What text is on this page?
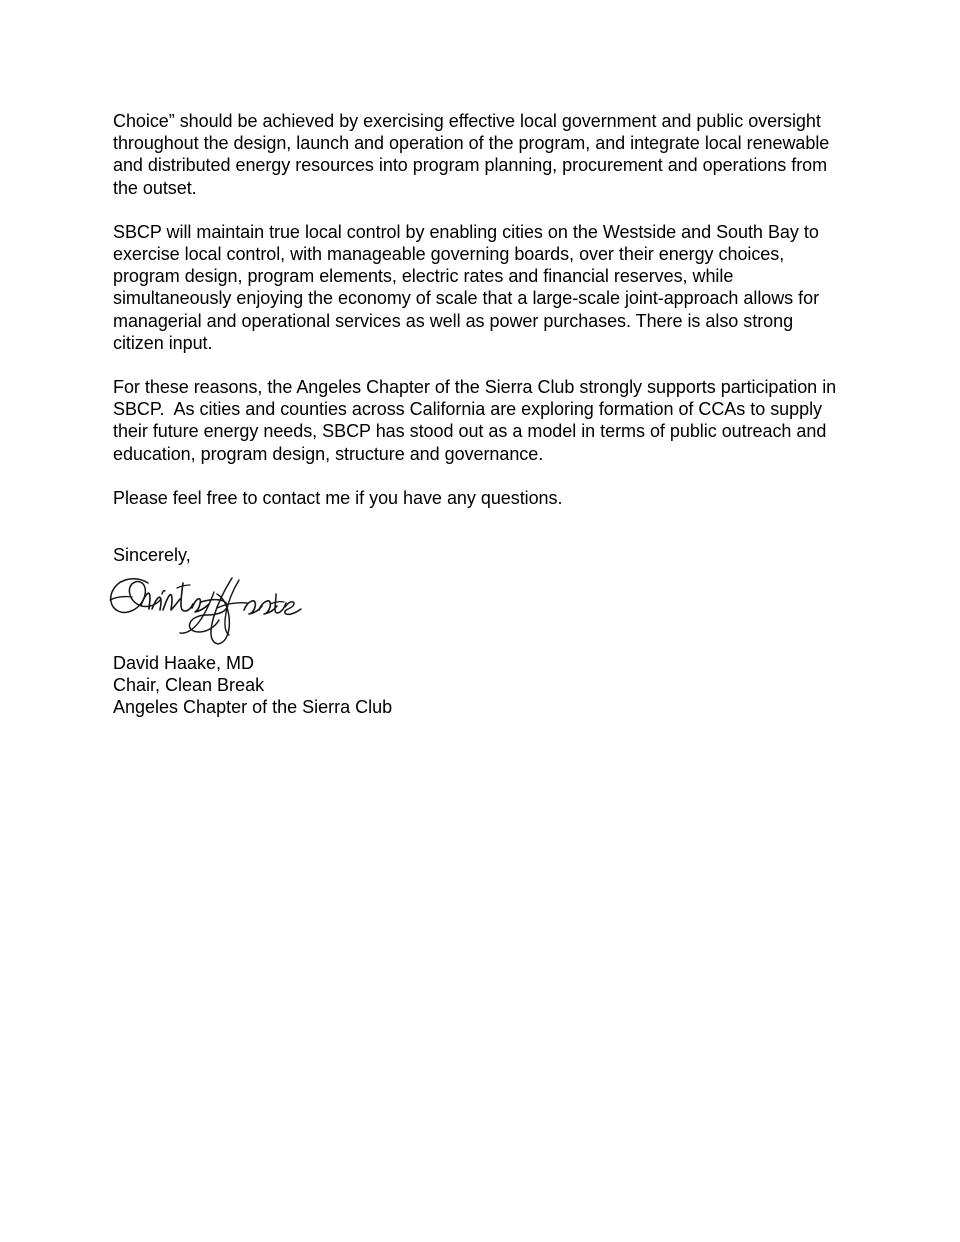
Choice” should be achieved by exercising effective local government and public oversight throughout the design, launch and operation of the program, and integrate local renewable and distributed energy resources into program planning, procurement and operations from the outset.

SBCP will maintain true local control by enabling cities on the Westside and South Bay to exercise local control, with manageable governing boards, over their energy choices, program design, program elements, electric rates and financial reserves, while simultaneously enjoying the economy of scale that a large-scale joint-approach allows for managerial and operational services as well as power purchases. There is also strong citizen input.

For these reasons, the Angeles Chapter of the Sierra Club strongly supports participation in SBCP.  As cities and counties across California are exploring formation of CCAs to supply their future energy needs, SBCP has stood out as a model in terms of public outreach and education, program design, structure and governance.

Please feel free to contact me if you have any questions.

Sincerely,

David Haake, MD

Chair, Clean Break

Angeles Chapter of the Sierra Club
